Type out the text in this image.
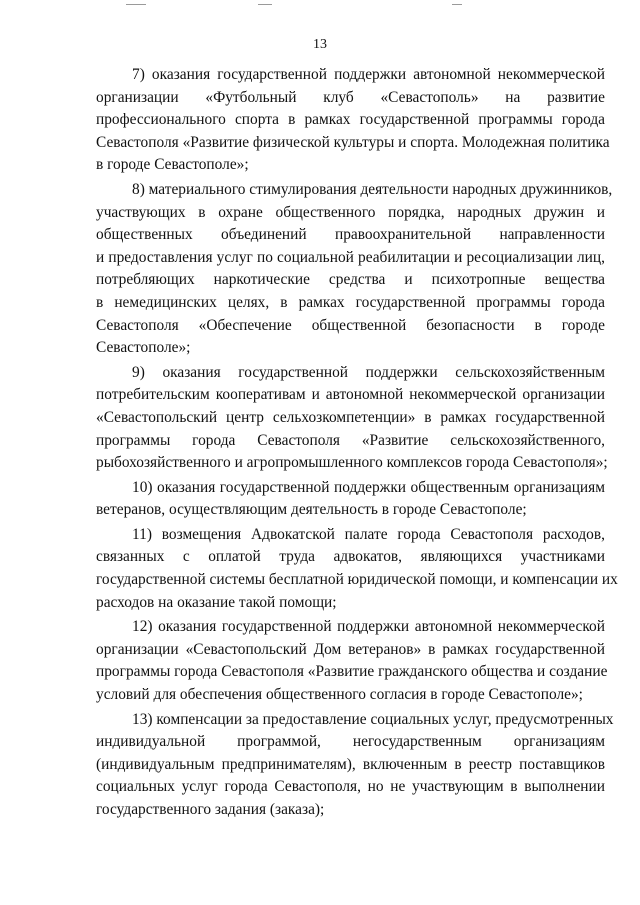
13
7) оказания государственной поддержки автономной некоммерческой
организации «Футбольный клуб «Севастополь» на развитие
профессионального спорта в рамках государственной программы города
Севастополя «Развитие физической культуры и спорта. Молодежная политика
в городе Севастополе»;
8) материального стимулирования деятельности народных дружинников,
участвующих в охране общественного порядка, народных дружин и
общественных объединений правоохранительной направленности
и предоставления услуг по социальной реабилитации и ресоциализации лиц,
потребляющих наркотические средства и психотропные вещества
в немедицинских целях, в рамках государственной программы города
Севастополя «Обеспечение общественной безопасности в городе
Севастополе»;
9) оказания государственной поддержки сельскохозяйственным
потребительским кооперативам и автономной некоммерческой организации
«Севастопольский центр сельхозкомпетенции» в рамках государственной
программы города Севастополя «Развитие сельскохозяйственного,
рыбохозяйственного и агропромышленного комплексов города Севастополя»;
10) оказания государственной поддержки общественным организациям
ветеранов, осуществляющим деятельность в городе Севастополе;
11) возмещения Адвокатской палате города Севастополя расходов,
связанных с оплатой труда адвокатов, являющихся участниками
государственной системы бесплатной юридической помощи, и компенсации их
расходов на оказание такой помощи;
12) оказания государственной поддержки автономной некоммерческой
организации «Севастопольский Дом ветеранов» в рамках государственной
программы города Севастополя «Развитие гражданского общества и создание
условий для обеспечения общественного согласия в городе Севастополе»;
13) компенсации за предоставление социальных услуг, предусмотренных
индивидуальной программой, негосударственным организациям
(индивидуальным предпринимателям), включенным в реестр поставщиков
социальных услуг города Севастополя, но не участвующим в выполнении
государственного задания (заказа);
